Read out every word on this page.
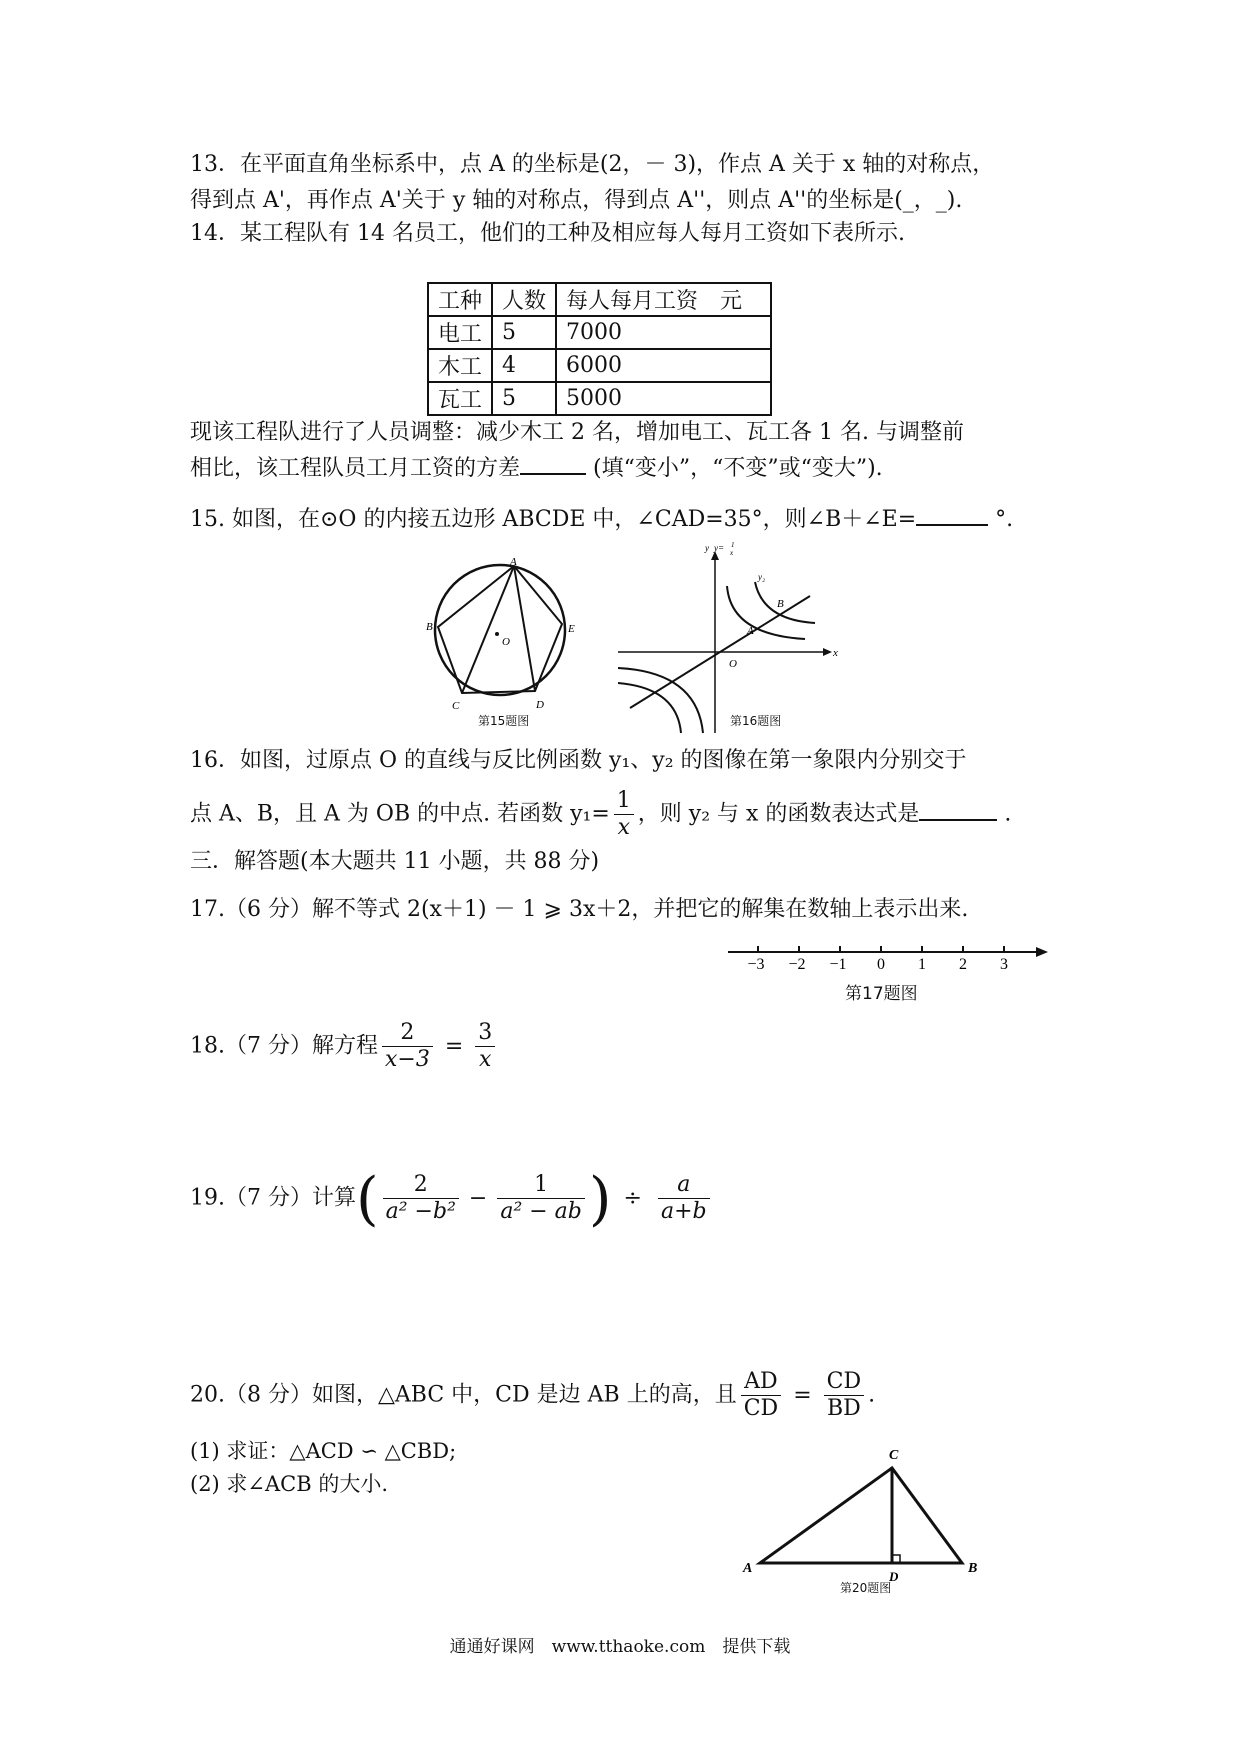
13．在平面直角坐标系中，点 A 的坐标是(2，－ 3)，作点 A 关于 x 轴的对称点，
得到点 A'，再作点 A'关于 y 轴的对称点，得到点 A''，则点 A''的坐标是(_，_).
14．某工程队有 14 名员工，他们的工种及相应每人每月工资如下表所示.
工种	人数	每人每月工资　元
电工	5	7000
木工	4	6000
瓦工	5	5000
现该工程队进行了人员调整：减少木工 2 名，增加电工、瓦工各 1 名. 与调整前
相比，该工程队员工月工资的方差	(填“变小”，“不变”或“变大”).
15. 如图，在⊙O 的内接五边形 ABCDE 中，∠CAD=35°，则∠B＋∠E=	°.
A
B
O
E
C	D
第15题图
y y= 1
x
y₂
B
A
x
O
第16题图
16．如图，过原点 O 的直线与反比例函数 y₁、y₂ 的图像在第一象限内分别交于
点 A、B，且 A 为 OB 的中点. 若函数 $y_1= \frac{1}{x}$ ，则 y₂ 与 x 的函数表达式是	.
三．解答题(本大题共 11 小题，共 88 分)
17.（6 分）解不等式 2(x＋1) － 1 ⩾ 3x＋2，并把它的解集在数轴上表示出来.
−3 −2 −1 0 1 2 3
第17题图
18.（7 分）解方程 $\frac{2}{x-3} = \frac{3}{x}$
19.（7 分）计算( $\frac{2}{\text{a² −b²}} - \frac{1}{\text{a² − ab}}$ ) ÷ $\frac{a}{a+b}$
20.（8 分）如图，△ABC 中，CD 是边 AB 上的高，且 $\frac{AD}{CD} = \frac{CD}{BD}$ .
(1) 求证：△ACD ∽ △CBD;
(2) 求∠ACB 的大小.
C
A	B
D
第20题图
通通好课网　www.tthaoke.com　提供下载
